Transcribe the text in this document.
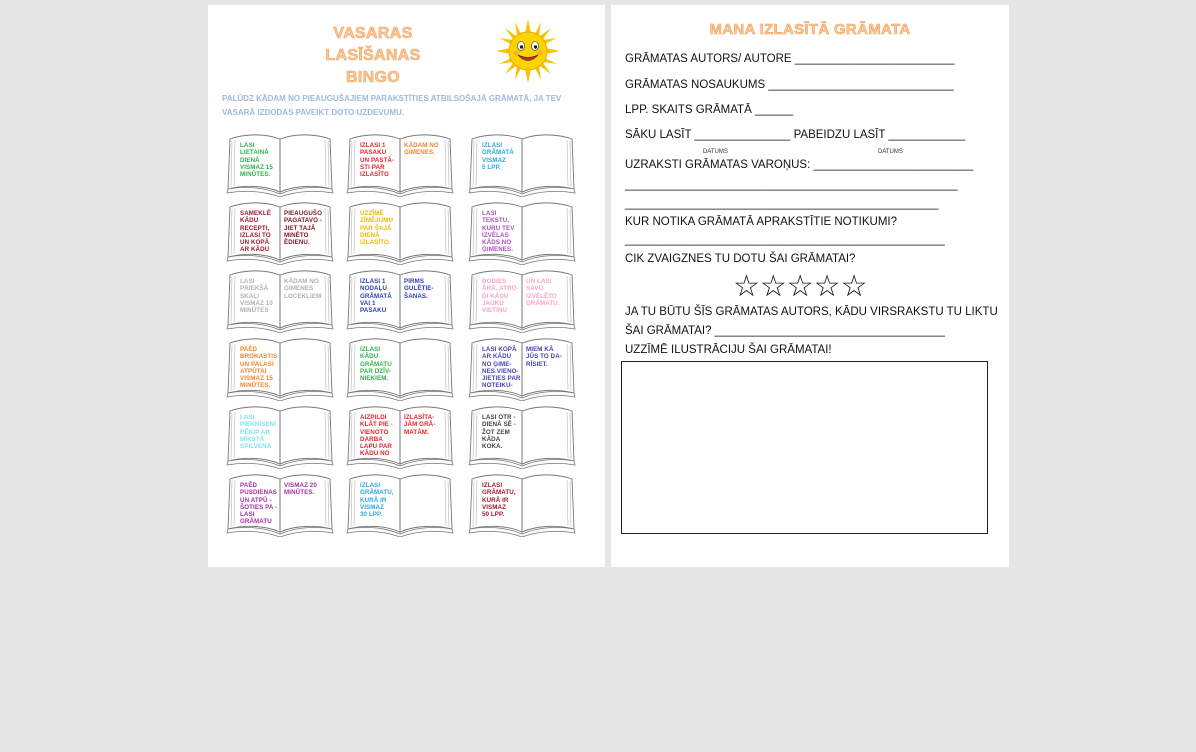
VASARAS LASĪŠANAS
BINGO
PALŪDZ KĀDAM NO PIEAUGUŠAJIEM PARAKSTĪTIES ATBILSOŠAJĀ GRĀMATĀ, JA TEV VASARĀ IZDODAS PAVEIKT DOTO UZDEVUMU.
LASI
LIETAINĀ
DIENĀ
VISMAZ 15
MINŪTES.
IZLASI 1
PASAKU
UN PASTĀ-
STI PAR
IZLASĪTO
KĀDAM NO
ĢIMENES.
IZLASI
GRĀMATĀ
VISMAZ
5 LPP.
SAMEKLĒ
KĀDU
RECEPTI,
IZLASI TO
UN KOPĀ
AR KĀDU
PIEAUGUŠO
PAGATAVO -
JIET TAJĀ
MINĒTO
ĒDIENU.
UZZĪMĒ
ZĪMĒJUMU
PAR ŠAJĀ
DIENĀ
IZLASĪTO.
LASI
TEKSTU,
KURU TEV
IZVĒLAS
KĀDS NO
ĢIMENES.
LASI
PRIEKŠĀ
SKAĻI
VISMAZ 10
MINŪTES
KĀDAM NO
ĢIMENES
LOCEKĻIEM
IZLASI 1
NODAĻU
GRĀMATĀ
VAI 1
PASAKU
PIRMS
GULĒTIE-
ŠANAS.
DODIES
ĀRĀ, ATRO-
DI KĀDU
JAUKU
VIETIŅU
UN LASI
SAVU
IZVĒLĒTO
GRĀMATU.
PAĒD
BROKASTIS
UN PALASI
ATPŪTAI
VISMAZ 15
MINŪTES.
IZLASI
KĀDU
GRĀMATU
PAR DZĪV-
NIEKIEM.
LASI KOPĀ
AR KĀDU
NO ĢIME-
NES.VIENO-
JIETIES PAR
NOTEIKU-
MIEM KĀ
JŪS TO DA-
RĪSIET.
LASI
PIEKRĪSENI
RĒĶIP AR
MĪKSTĀ
SPILVENA
AIZPILDI
KLĀT PIE -
VIENOTO
DARBA
LAPU PAR
KĀDU NO
IZLASĪTA-
JĀM GRĀ-
MATĀM.
LASI OTR -
DIENĀ SĒ -
ŽOT ZEM
KĀDA
KOKA.
PAĒD
PUSDIENAS
UN ATPŪ -
ŠOTIES PA -
LASI
GRĀMATU
VISMAZ 20
MINŪTES.
IZLASI
GRĀMATU,
KURĀ IR
VISMAZ
30 LPP.
IZLASI
GRĀMATU,
KURĀ IR
VISMAZ
50 LPP.
MANA IZLASĪTĀ GRĀMATA
GRĀMATAS AUTORS/ AUTORE _________________________
GRĀMATAS NOSAUKUMS _____________________________
LPP. SKAITS GRĀMATĀ ______
SĀKU LASĪT _______________ PABEIDZU LASĪT ____________
DATUMS	DATUMS
UZRAKSTI GRĀMATAS VAROŅUS: _________________________
____________________________________________________
_________________________________________________
KUR NOTIKA GRĀMATĀ APRAKSTĪTIE NOTIKUMI?
__________________________________________________
CIK ZVAIGZNES TU DOTU ŠAI GRĀMATAI?
☆☆☆☆☆
JA TU BŪTU ŠĪS GRĀMATAS AUTORS, KĀDU VIRSRAKSTU TU LIKTU
ŠAI GRĀMATAI? ____________________________________
UZZĪMĒ ILUSTRĀCIJU ŠAI GRĀMATAI!
